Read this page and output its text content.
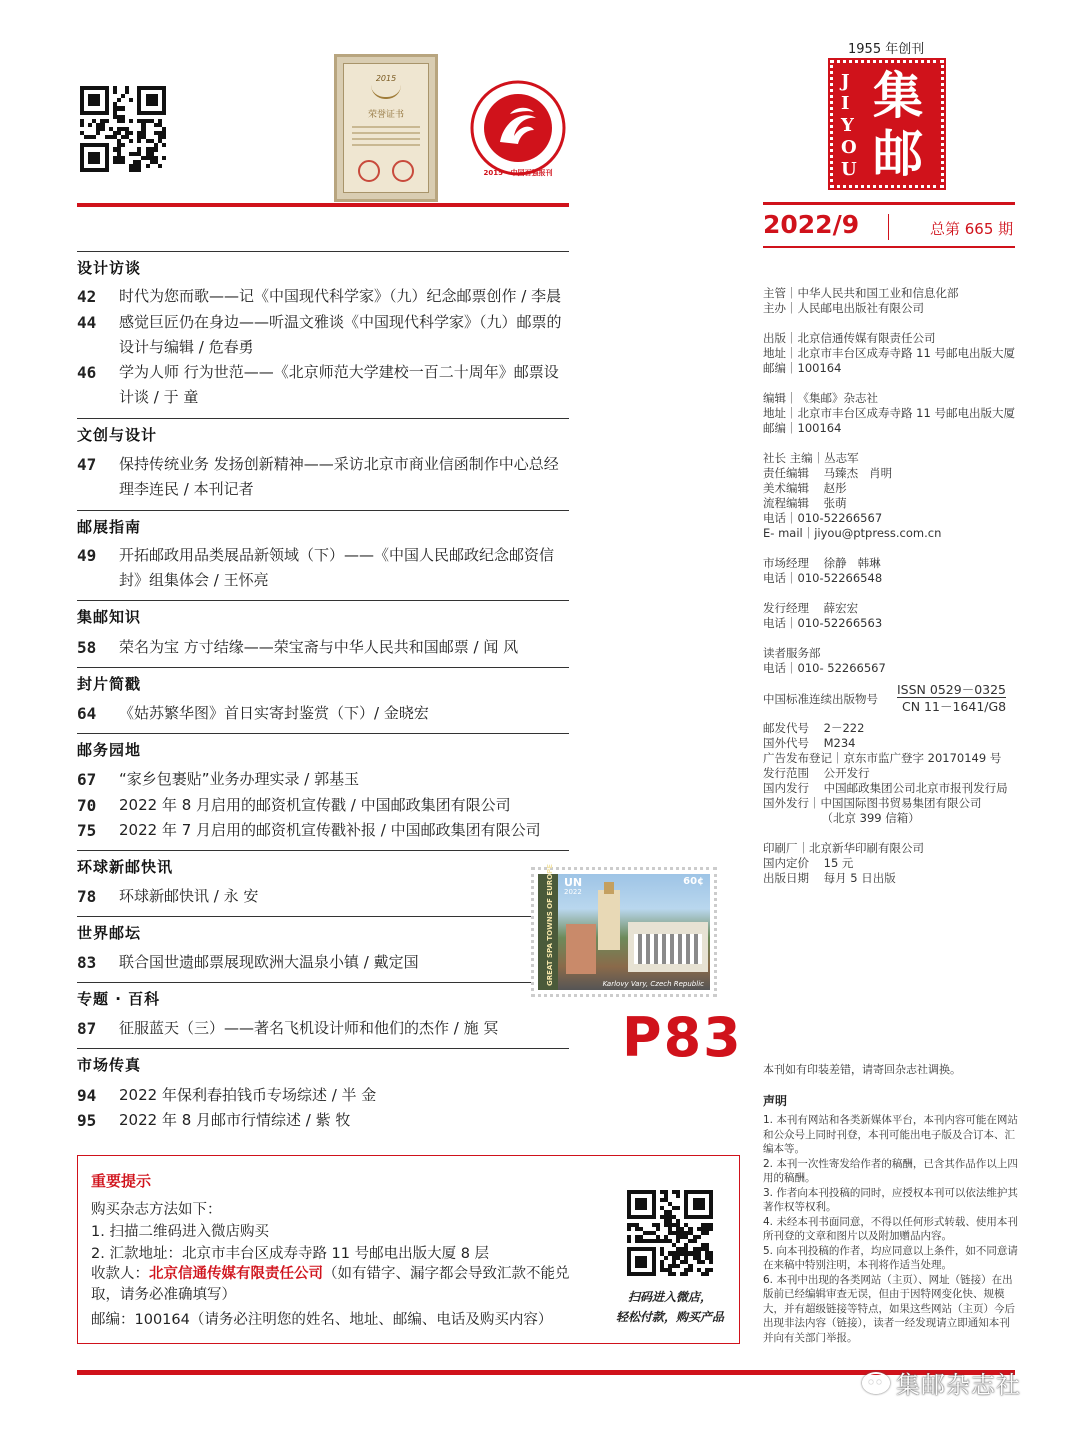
2015
荣誉证书
2015 · 中国百强报刊
1955 年创刊
JIYOU
集邮
2022/9	总第 665 期
设计访谈
42 时代为您而歌——记《中国现代科学家》（九）纪念邮票创作 / 李晨
44 感觉巨匠仍在身边——听温文雅谈《中国现代科学家》（九）邮票的设计与编辑 / 危春勇
46 学为人师 行为世范——《北京师范大学建校一百二十周年》邮票设计谈 / 于 童
文创与设计
47 保持传统业务 发扬创新精神——采访北京市商业信函制作中心总经理李连民 / 本刊记者
邮展指南
49 开拓邮政用品类展品新领域（下）——《中国人民邮政纪念邮资信封》组集体会 / 王怀亮
集邮知识
58 荣名为宝 方寸结缘——荣宝斋与中华人民共和国邮票 / 闻 风
封片简戳
64 《姑苏繁华图》首日实寄封鉴赏（下）/ 金晓宏
邮务园地
67 “家乡包裹贴”业务办理实录 / 郭基玉
70 2022 年 8 月启用的邮资机宣传戳 / 中国邮政集团有限公司
75 2022 年 7 月启用的邮资机宣传戳补报 / 中国邮政集团有限公司
环球新邮快讯
78 环球新邮快讯 / 永 安
世界邮坛
83 联合国世遗邮票展现欧洲大温泉小镇 / 戴定国
专题 · 百科
87 征服蓝天（三）——著名飞机设计师和他们的杰作 / 施 冥
市场传真
94 2022 年保利春拍钱币专场综述 / 半 金
95 2022 年 8 月邮市行情综述 / 紫 牧
GREAT SPA TOWNS OF EUROPE UN
2022
60¢
Karlovy Vary, Czech Republic
P83
重要提示
购买杂志方法如下：
1. 扫描二维码进入微店购买
2. 汇款地址：北京市丰台区成寿寺路 11 号邮电出版大厦 8 层
收款人：北京信通传媒有限责任公司（如有错字、漏字都会导致汇款不能兑取，请务必准确填写）
邮编：100164（请务必注明您的姓名、地址、邮编、电话及购买内容）
扫码进入微店，
轻松付款，购买产品
主管｜中华人民共和国工业和信息化部
主办｜人民邮电出版社有限公司
出版｜北京信通传媒有限责任公司
地址｜北京市丰台区成寿寺路 11 号邮电出版大厦
邮编｜100164
编辑｜《集邮》杂志社
地址｜北京市丰台区成寿寺路 11 号邮电出版大厦
邮编｜100164
社长 主编｜丛志军
责任编辑    马臻杰   肖明
美术编辑    赵彤
流程编辑    张萌
电话｜010-52266567
E- mail｜jiyou@ptpress.com.cn
市场经理    徐静   韩琳
电话｜010-52266548
发行经理    薛宏宏
电话｜010-52266563
读者服务部
电话｜010- 52266567
中国标准连续出版物号
ISSN 0529－0325
CN 11－1641/G8
邮发代号    2－222
国外代号    M234
广告发布登记｜京东市监广登字 20170149 号
发行范围    公开发行
国内发行    中国邮政集团公司北京市报刊发行局
国外发行｜中国国际图书贸易集团有限公司
（北京 399 信箱）
印刷厂｜北京新华印刷有限公司
国内定价    15 元
出版日期    每月 5 日出版
本刊如有印装差错，请寄回杂志社调换。
声明
1. 本刊有网站和各类新媒体平台，本刊内容可能在网站和公众号上同时刊登，本刊可能出电子版及合订本、汇编本等。
2. 本刊一次性寄发给作者的稿酬，已含其作品作以上四用的稿酬。
3. 作者向本刊投稿的同时，应授权本刊可以依法维护其著作权等权利。
4. 未经本刊书面同意，不得以任何形式转载、使用本刊所刊登的文章和图片以及附加赠品内容。
5. 向本刊投稿的作者，均应同意以上条件，如不同意请在来稿中特别注明，本刊将作适当处理。
6. 本刊中出现的各类网站（主页）、网址（链接）在出版前已经编辑审查无误，但由于因特网变化快、规模大，并有超级链接等特点，如果这些网站（主页）今后出现非法内容（链接），读者一经发现请立即通知本刊并向有关部门举报。
集邮杂志社
